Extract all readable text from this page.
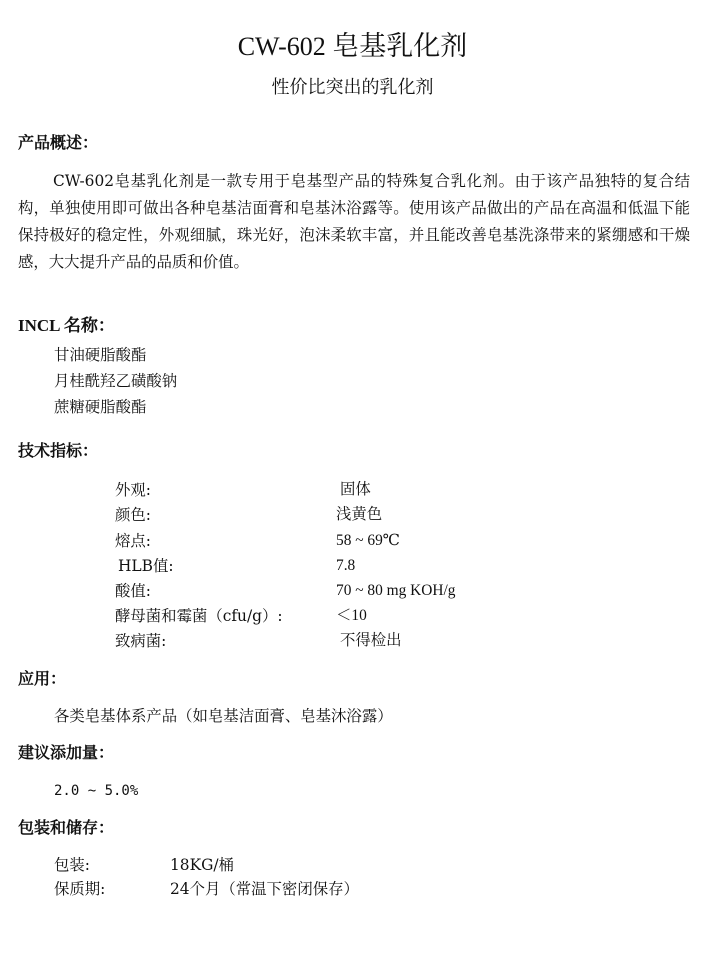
CW-602 皂基乳化剂
性价比突出的乳化剂
产品概述：

CW-602皂基乳化剂是一款专用于皂基型产品的特殊复合乳化剂。由于该产品独特的复合结构，单独使用即可做出各种皂基洁面膏和皂基沐浴露等。使用该产品做出的产品在高温和低温下能保持极好的稳定性，外观细腻，珠光好，泡沫柔软丰富，并且能改善皂基洗涤带来的紧绷感和干燥感，大大提升产品的品质和价值。

INCL 名称：
甘油硬脂酸酯
月桂酰羟乙磺酸钠
蔗糖硬脂酸酯
技术指标：
外观:	固体
颜色:	浅黄色
熔点:	58 ~ 69℃
HLB值:	7.8
酸值:	70 ~ 80 mg KOH/g
酵母菌和霉菌（cfu/g）:	＜10
致病菌:	不得检出
应用：
各类皂基体系产品（如皂基洁面膏、皂基沐浴露）
建议添加量：
2.0 ~ 5.0%
包装和储存：
包装:	18KG/桶
保质期:	24个月（常温下密闭保存）
